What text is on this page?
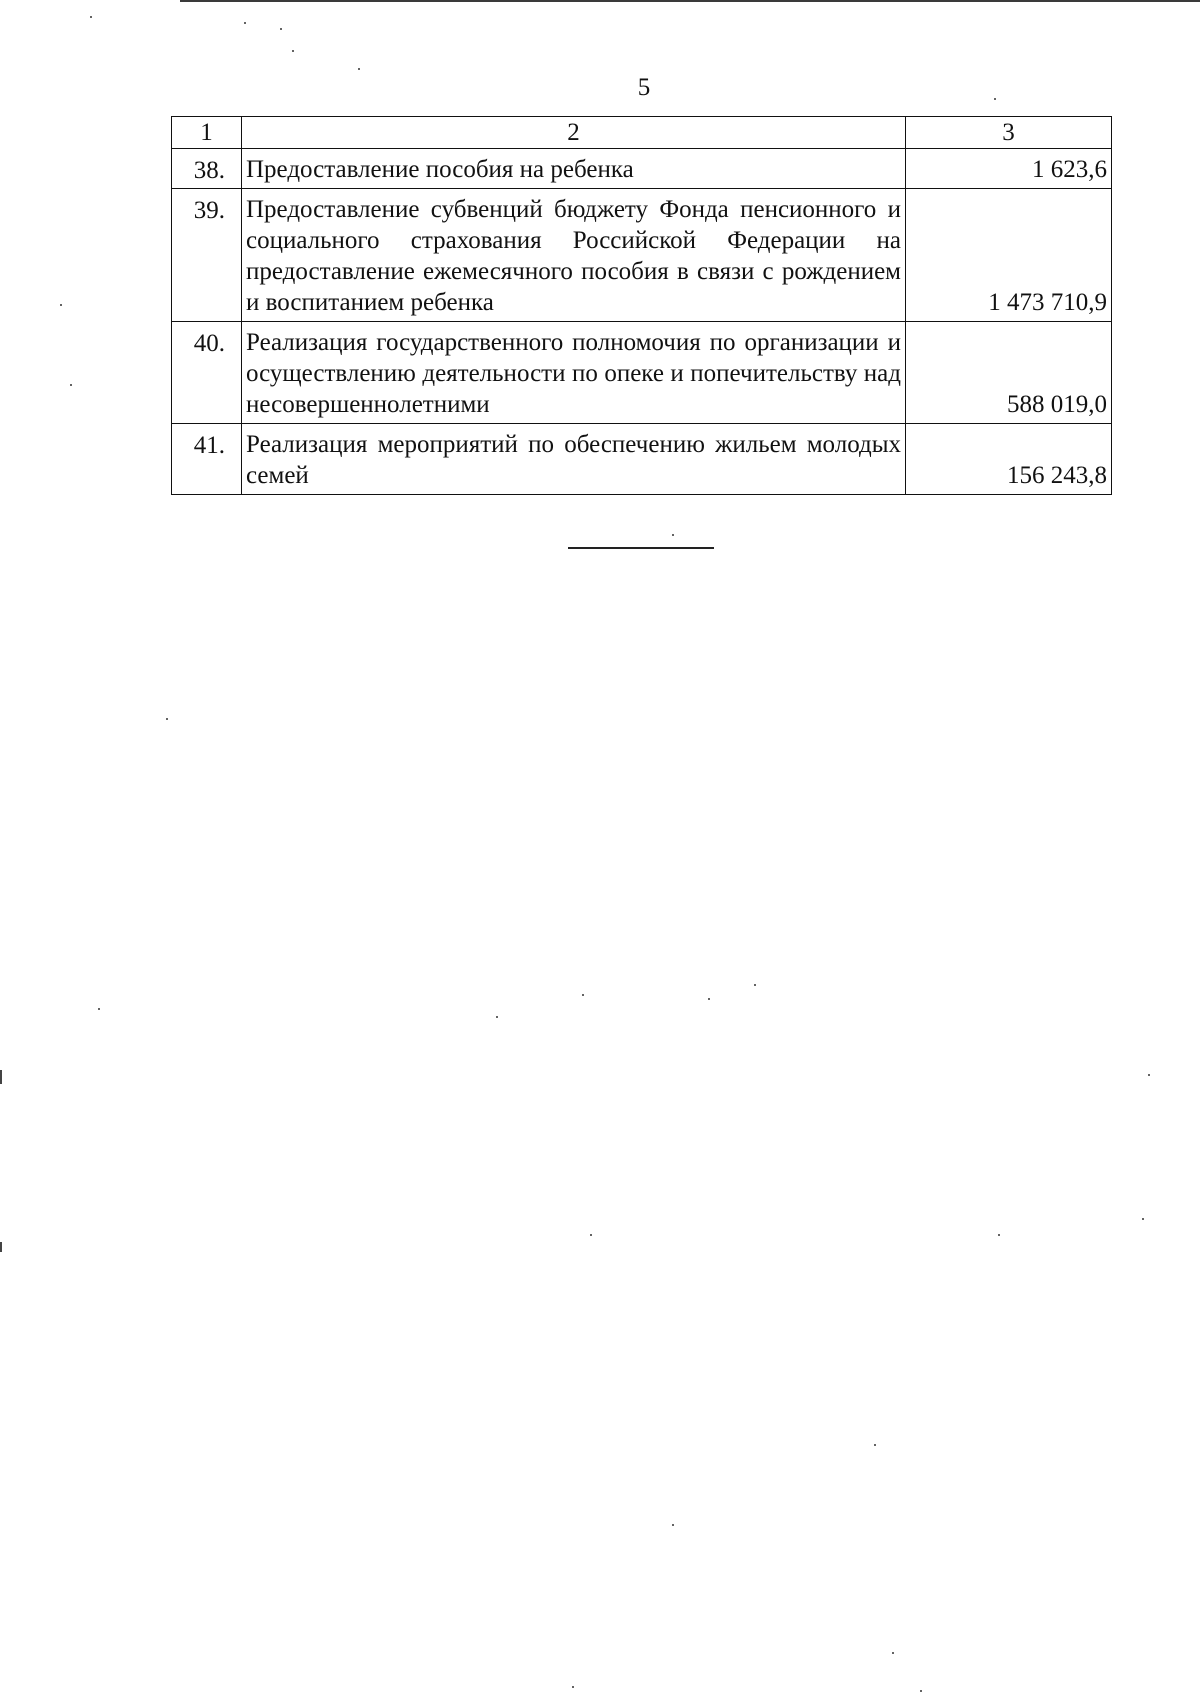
5
1	2	3
38.	Предоставление пособия на ребенка	1 623,6
39.	Предоставление субвенций бюджету Фонда пенсионного и социального страхования Российской Федерации на предоставление ежемесячного пособия в связи с рождением и воспитанием ребенка	1 473 710,9
40.	Реализация государственного полномочия по организации и осуществлению деятельности по опеке и попечительству над несовершеннолетними	588 019,0
41.	Реализация мероприятий по обеспечению жильем молодых семей	156 243,8
